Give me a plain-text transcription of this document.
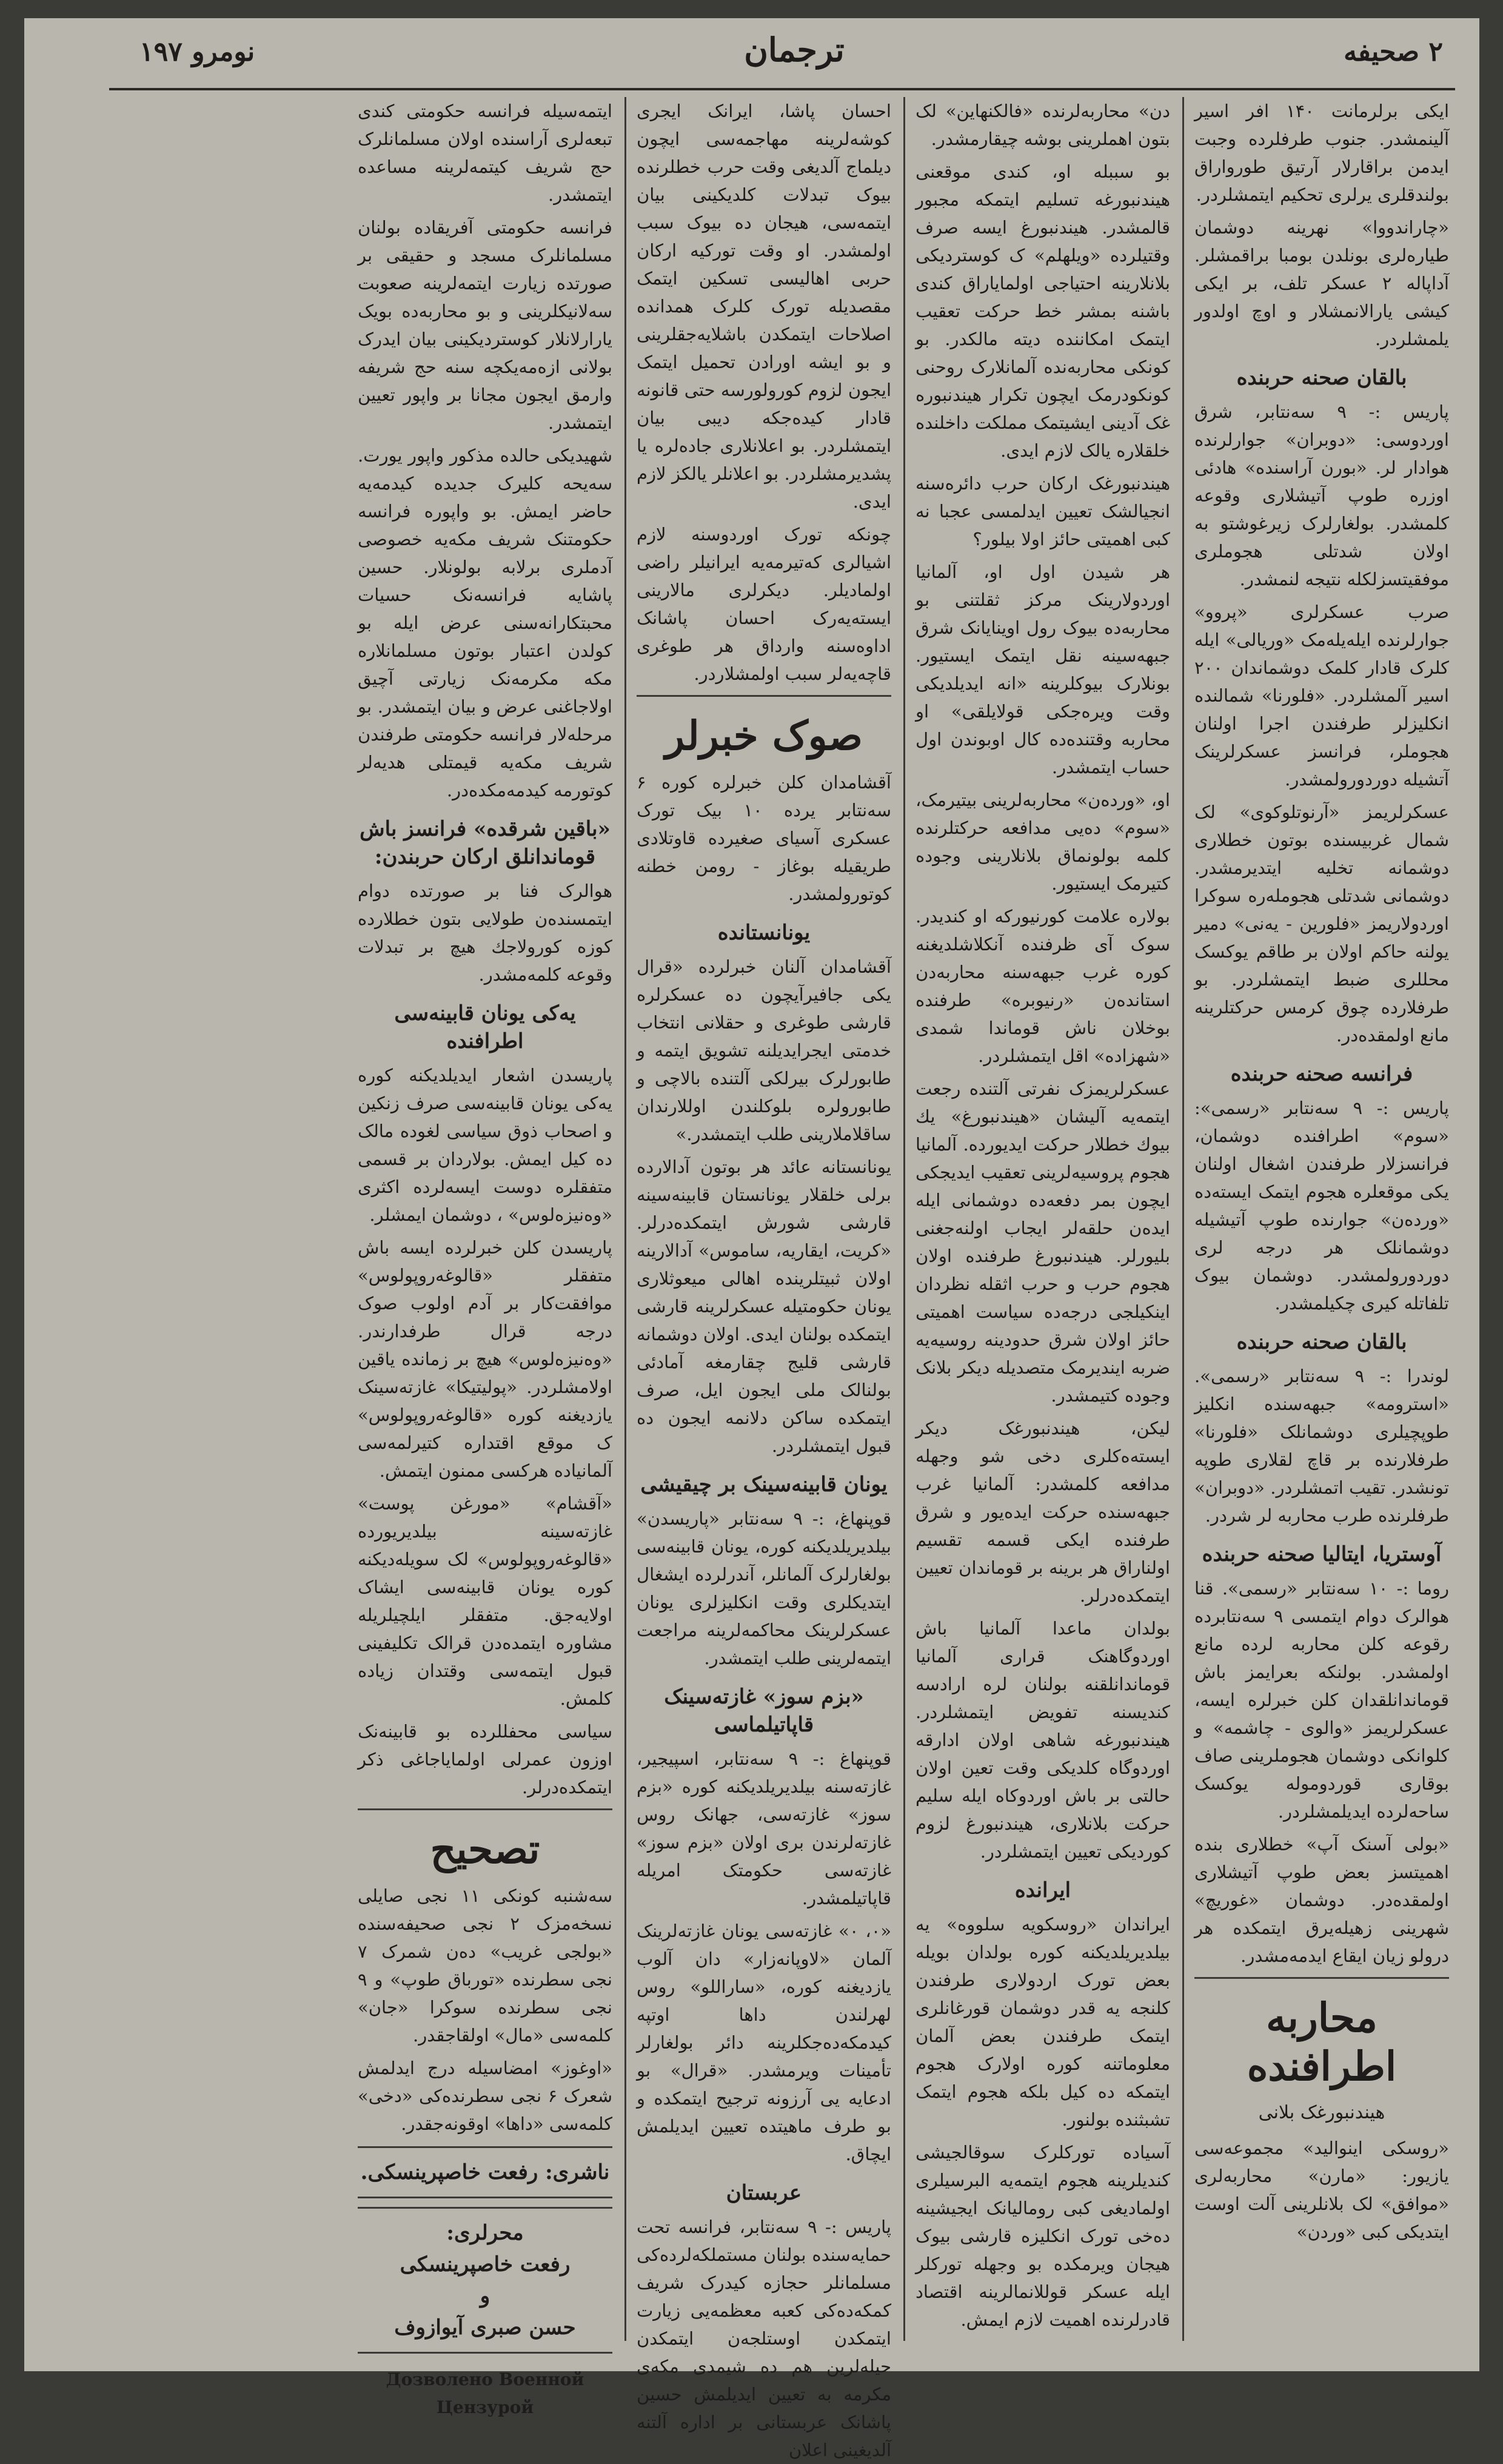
نومرو ۱۹۷	ترجمان	۲ صحیفه

ایکی برلرمانت ۱۴۰ افر اسیر آلینمشدر. جنوب طرفلرده وجبت ایدمن براقارلار آرتیق طورواراق بولندقلری یرلری تحکیم ایتمشلردر.

«چاراندووا» نهرینه دوشمان طیاره‌لری بونلدن بومبا براقمشلر. آداپاله ۲ عسکر تلف، بر ایکی کیشی یارالانمشلار و اوچ اولدور یلمشلردر.

بالقان صحنه حربنده

پاریس :- ۹ سه‌نتابر، شرق اوردوسی: «دوبران» جوارلرنده هوادار لر. «بورن آراسنده» هادئی اوزره طوپ آتیشلاری وقوعه کلمشدر. بولغارلرک زیرغوشتو به اولان شدتلی هجوملری موفقیتسزلکله نتیجه لنمشدر.

صرب عسکرلری «پروو» جوارلرنده ایله‌یله‌مک «وریالی» ایله کلرک قادار کلمک دوشماندان ۲۰۰ اسیر آلمشلردر. «فلورنا» شمالنده انکلیزلر طرفندن اجرا اولنان هجوملر، فرانسز عسکرلرینک آتشیله دوردورولمشدر.

عسکرلریمز «آرنوتلوکوی» لک شمال غربیسنده بوتون خطلاری دوشمانه تخلیه ایتدیرمشدر. دوشمانی شدتلی هجومله‌ره سوکرا اوردولاریمز «فلورین - یه‌نی» دمیر یولنه حاکم اولان بر طاقم یوکسک محللری ضبط ایتمشلردر. بو طرفلارده چوق کرمس حرکتلرینه مانع اولمقده‌در.

فرانسه صحنه حربنده

پاریس :- ۹ سه‌نتابر «رسمی»: «سوم» اطرافنده دوشمان، فرانسزلار طرفندن اشغال اولنان یکی موقعلره هجوم ایتمک ایسته‌ده «ورده‌ن» جوارنده طوپ آتیشیله دوشمانلک هر درجه لری دوردورولمشدر. دوشمان بیوک تلفاتله کیری چکیلمشدر.

بالقان صحنه حربنده

لوندرا :- ۹ سه‌نتابر «رسمی». «استرومه» جبهه‌سنده انکلیز طوپچیلری دوشمانلک «فلورنا» طرفلارنده بر قاچ لقلاری طوپه تونشدر. تقیب اتمشلردر. «دوبران» طرفلرنده طرب محاربه لر شردر.

آوستریا، ایتالیا صحنه حربنده

روما :- ۱۰ سه‌نتابر «رسمی». قنا هوالرک دوام ایتمسی ۹ سه‌نتابرده رقوعه کلن محاربه لرده مانع اولمشدر. بولنکه بعرایمز باش قوماندانلقدان کلن خبرلره ایسه، عسکرلریمز «والوی - چاشمه» و کلوانکی دوشمان هجوملرینی صاف بوقاری قوردوموله یوکسک ساحه‌لرده ایدیلمشلردر.

«بولی آسنک آپ» خطلاری بنده اهمیتسز بعض طوپ آتیشلاری اولمقده‌در. دوشمان «غوریچ» شهرینی زهیله‌یرق ایتمکده هر درولو زیان ایقاع ایدمه‌مشدر.

محاربه اطرافنده
هیندنبورغک بلانی

«روسکی اینوالید» مجموعه‌سی یازیور: «مارن» محاربه‌لری «موافق» لک بلانلرینی آلت اوست ایتدیکی کبی «وردن»

دن» محاربه‌لرنده «فالکنهاین» لک بتون اهملرینی بوشه چیقارمشدر.

بو سببله او، کندی موقعنی هیندنبورغه تسلیم ایتمکه مجبور قالمشدر. هیندنبورغ ایسه صرف وقتیلرده «ویلهلم» ک کوستردیکی بلانلارینه احتیاجی اولمایاراق کندی باشنه بمشر خط حرکت تعقیب ایتمک امکاننده دیته مالکدر. بو کونکی محاربه‌نده آلمانلارک روحنی کونکودرمک ایچون تکرار هیندنبوره غک آدینی ایشیتمک مملکت داخلنده خلقلاره یالک لازم ایدی.

هیندنبورغک ارکان حرب دائره‌سنه انجیالشک تعیین ایدلمسی عجبا نه کبی اهمیتی حائز اولا بیلور؟

هر شیدن اول او، آلمانیا اوردولارینک مرکز ثقلتنی بو محاربه‌ده بیوک رول اوینایانک شرق جبهه‌سینه نقل ایتمک ایستیور. بونلارک بیوکلرینه «انه ایدیلدیکی وقت ویره‌جکی قولایلقی» او محاربه وقتنده‌ده کال اوبوندن اول حساب ایتمشدر.

او، «ورده‌ن» محاربه‌لرینی بیتیرمک، «سوم» ده‌یی مدافعه حرکتلرنده کلمه بولونماق بلانلارینی وجوده کتیرمک ایستیور.

بولاره علامت کورنیورکه او کندیدر. سوک آی ظرفنده آنکلاشلدیغنه کوره غرب جبهه‌سنه محاربه‌دن استانده‌ن «رنیوبره» طرفنده بوخلان ناش قوماندا شمدی «شهزاده» اقل ایتمشلردر.

عسکرلریمزک نفرتی آلتنده رجعت ایتمه‌یه آلیشان «هیندنبورغ» یك بیوك خطلار حرکت ایدیورده. آلمانیا هجوم پروسیه‌لرینی تعقیب ایدیجکی ایچون بمر دفعه‌ده دوشمانی ایله ایده‌ن حلقه‌لر ایجاب اولنه‌جغنی بلیورلر. هیندنبورغ طرفنده اولان هجوم حرب و حرب اثقله نظردان اینکیلجی درجه‌ده سیاست اهمیتی حائز اولان شرق حدودینه روسیه‌یه ضربه ایندیرمک متصدیله دیکر بلانک وجوده کتیمشدر.

لیکن، هیندنبورغک دیکر ایسته‌ه‌کلری دخی شو وجهله مدافعه کلمشدر: آلمانیا غرب جبهه‌سنده حرکت ایده‌یور و شرق طرفنده ایکی قسمه تقسیم اولناراق هر برینه بر قوماندان تعیین ایتمکده‌درلر.

بولدان ماعدا آلمانیا باش اوردوگاهنک قراری آلمانیا قوماندانلقنه بولنان لره ارادسه کندیسنه تفویض ایتمشلردر. هیندنبورغه شاهی اولان ادارقه اوردوگاه کلدیکی وقت تعین اولان حالتی بر باش اوردوکاه ایله سلیم حرکت بلانلاری، هیندنبورغ لزوم کوردیکی تعیین ایتمشلردر.

ایرانده

ایراندان «روسکویه سلووه» یه بیلدیریلدیکنه کوره بولدان بویله بعض تورک اردولاری طرفندن کلنجه یه قدر دوشمان قورغانلری ایتمک طرفندن بعض آلمان معلوماتنه کوره اولارک هجوم ایتمکه ده کیل بلکه هجوم ایتمک تشبثنده بولنور.

آسیاده تورکلرک سوقالجیشی کندیلرینه هجوم ایتمه‌یه البرسیلری اولمادیغی کبی رومالیانک ایجیشینه ده‌خی تورک انکلیزه قارشی بیوک هیجان ویرمکده بو وجهله تورکلر ایله عسکر قوللانمالرینه اقتصاد قادرلرنده اهمیت لازم ایمش.

احسان پاشا، ایرانک ایجری کوشه‌لرینه مهاجمه‌سی ایچون دیلماج آلدیغی وقت حرب خطلرنده بیوک تبدلات کلدیکینی بیان ایتمه‌سی، هیجان ده بیوک سبب اولمشدر. او وقت تورکیه ارکان حربی اهالیسی تسکین ایتمک مقصدیله تورک کلرک همدانده اصلاحات ایتمکدن باشلایه‌جقلرینی و بو ایشه اورادن تحمیل ایتمک ایجون لزوم کورولورسه حتی قانونه قادار کیده‌جکه دیبی بیان ایتمشلردر. بو اعلانلاری جاده‌لره یا پشدیرمشلردر. بو اعلانلر یالکز لازم ایدی.

چونکه تورک اوردوسنه لازم اشیالری که‌تیرمه‌یه ایرانیلر راضی اولمادیلر. دیکرلری مالارینی ایسته‌یه‌رک احسان پاشانک اداوه‌سنه وارداق هر طوغری قاچه‌یه‌لر سبب اولمشلاردر.

صوک خبرلر

آقشامدان کلن خبرلره کوره ۶ سه‌نتابر یرده ۱۰ بیک تورک عسکری آسیای صغیرده قاوتلادی طریقیله بوغاز - رومن خطنه کوتورولمشدر.

یونانستانده

آقشامدان آلنان خبرلرده «قرال یکی جافیرآیچون ده عسکرلره قارشی طوغری و حقلانی انتخاب خدمتی ایجرایدیلنه تشویق ایتمه و طابورلرک بیرلکی آلتنده بالاچی و طابورولره بلوکلندن اوللارندان ساقلاملارینی طلب ایتمشدر.»

یونانستانه عائد هر بوتون آدالارده برلی خلقلار یونانستان قابینه‌سینه قارشی شورش ایتمکده‌درلر. «کریت، ایقاریه، ساموس» آدالارینه اولان ثبیتلرینده اهالی میعوثلاری یونان حکومتیله عسکرلرینه قارشی ایتمکده بولنان ایدی. اولان دوشمانه قارشی قلیج چقارمغه آمادئی بولنالک ملی ایجون ایل، صرف ایتمکده ساکن دلانمه ایجون ده قبول ایتمشلردر.

یونان قابینه‌سینک بر چیقیشی

قوپنهاغ، :- ۹ سه‌نتابر «پاریسدن» بیلدیریلدیکنه کوره، یونان قابینه‌سی بولغارلرک آلمانلر، آندرلرده ایشغال ایتدیکلری وقت انکلیزلری یونان عسکرلرینک محاکمه‌لرینه مراجعت ایتمه‌لرینی طلب ایتمشدر.

«بزم سوز» غازته‌سینک قاپاتیلماسی

قوپنهاغ :- ۹ سه‌نتابر، اسپیجیر، غازته‌سنه بیلدیریلدیکنه کوره «بزم سوز» غازته‌سی، جهانک روس غازته‌لرندن بری اولان «بزم سوز» غازته‌سی حکومتک امریله قاپاتیلمشدر.

«۰، ۰» غازته‌سی یونان غازته‌لرینک آلمان «لاوپانه‌زار» دان آلوب یازدیغنه کوره، «ساراللو» روس لهرلندن داها اوتپه کیدمکه‌ده‌جکلرینه دائر بولغارلر تأمینات ویرمشدر. «قرال» بو ادعایه یی آرزونه ترجیح ایتمکده و بو طرف ماهیتده تعیین ایدیلمش ایچاق.

عربستان

پاریس :- ۹ سه‌نتابر، فرانسه تحت حمایه‌سنده بولنان مستملکه‌لرده‌کی مسلمانلر حجازه کیدرک شریف کمکه‌ده‌کی کعبه معظمه‌یی زیارت ایتمکدن اوستلجه‌ن ایتمکدن حیله‌لرین هم ده شیمدی مکه‌ی مکرمه به تعیین ایدیلمش حسین پاشانک عربستانی بر اداره آلتنه آلدیغینی اعلان

ایتمه‌سیله فرانسه حکومتی کندی تبعه‌لری آراسنده اولان مسلمانلرک حج شریف کیتمه‌لرینه مساعده ایتمشدر.

فرانسه حکومتی آفریقاده بولنان مسلمانلرک مسجد و حقیقی بر صورتده زیارت ایتمه‌لرینه صعوبت سه‌لانیکلرینی و بو محاربه‌ده بویک یارارلانلار کوستردیکینی بیان ایدرک بولانی ازه‌مه‌یکچه سنه حج شریفه وارمق ایجون مجانا بر واپور تعیین ایتمشدر.

شهیدیکی حالده مذکور واپور یورت. سه‌یحه کلیرک جدیده کیدمه‌یه حاضر ایمش. بو واپوره فرانسه حکومتنک شریف مکه‌یه خصوصی آدملری برلابه بولونلار. حسین پاشایه فرانسه‌نک حسیات محبتکارانه‌سنی عرض ایله بو کولدن اعتبار بوتون مسلمانلاره مکه مکرمه‌نک زیارتی آچیق اولاجاغنی عرض و بیان ایتمشدر. بو مرحله‌لار فرانسه حکومتی طرفندن شریف مکه‌یه قیمتلی هدیه‌لر کوتورمه کیدمه‌مکده‌در.

«باقین شرقده» فرانسز باش قوماندانلق ارکان حربندن:

هوالرک فنا بر صورتده دوام ایتمسنده‌ن طولایی بتون خطلارده کوزه کورولاجك هیچ بر تبدلات وقوعه کلمه‌مشدر.

یه‌کی یونان قابینه‌سی اطرافنده

پاریسدن اشعار ایدیلدیکنه کوره یه‌کی یونان قابینه‌سی صرف زنکین و اصحاب ذوق سیاسی لغوده مالک ده کیل ایمش. بولاردان بر قسمی متفقلره دوست ایسه‌لرده اکثری «وه‌نیزه‌لوس» ، دوشمان ایمشلر.

پاریسدن کلن خبرلرده ایسه باش متفقلر «قالوغه‌روپولوس» موافقت‌کار بر آدم اولوب صوک درجه قرال طرفدارندر. «وه‌نیزه‌لوس» هیچ بر زمانده یاقین اولامشلردر. «پولیتیکا» غازته‌سینک یازدیغنه کوره «قالوغه‌روپولوس» ک موقع اقتداره کتیرلمه‌سی آلمانیاده هرکسی ممنون ایتمش.

«آقشام» «مورغن پوست» غازته‌سینه بیلدیریورده «قالوغه‌روپولوس» لک سویله‌دیکنه کوره یونان قابینه‌سی ایشاک اولایه‌جق. متفقلر ایلچیلریله مشاوره ایتمده‌دن قرالک تکلیفینی قبول ایتمه‌سی وقتدان زیاده کلمش.

سیاسی محفللرده بو قابینه‌نک اوزون عمرلی اولمایاجاغی ذکر ایتمکده‌درلر.

تصحیح

سه‌شنبه کونکی ۱۱ نجی صایلی نسخه‌مزک ۲ نجی صحیفه‌سنده «بولجی غریب» ده‌ن شمرک ۷ نجی سطرنده «تورباق طوپ» و ۹ نجی سطرنده سوکرا «جان» کلمه‌سی «مال» اولقاجقدر.

«اوغوز» امضاسیله درج ایدلمش شعرک ۶ نجی سطرنده‌کی «دخی» کلمه‌سی «داها» اوقونه‌جقدر.

ناشری: رفعت خاصپرینسکی.
محرلری:
رفعت خاصپرینسکی
و
حسن صبری آیوازوف
Дозволено Военной Цензурой
